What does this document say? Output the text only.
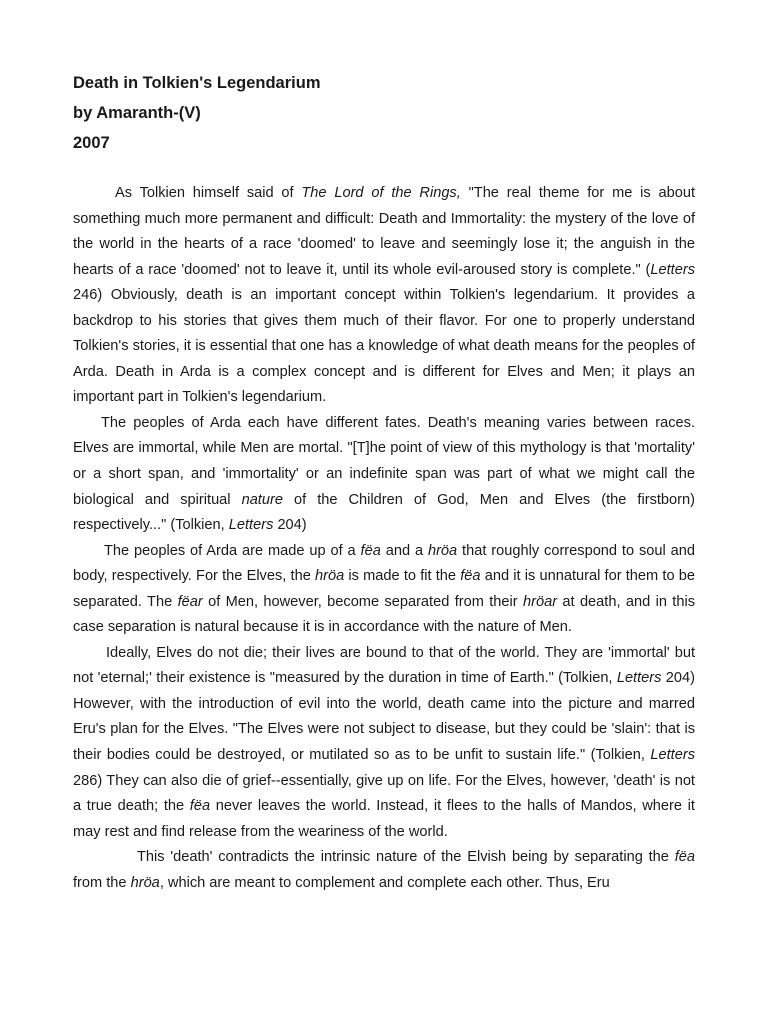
Death in Tolkien's Legendarium

by Amaranth-(V)

2007

As Tolkien himself said of The Lord of the Rings, "The real theme for me is about something much more permanent and difficult: Death and Immortality: the mystery of the love of the world in the hearts of a race 'doomed' to leave and seemingly lose it; the anguish in the hearts of a race 'doomed' not to leave it, until its whole evil-aroused story is complete." (Letters 246) Obviously, death is an important concept within Tolkien's legendarium. It provides a backdrop to his stories that gives them much of their flavor. For one to properly understand Tolkien's stories, it is essential that one has a knowledge of what death means for the peoples of Arda. Death in Arda is a complex concept and is different for Elves and Men; it plays an important part in Tolkien's legendarium.

The peoples of Arda each have different fates. Death's meaning varies between races. Elves are immortal, while Men are mortal. "[T]he point of view of this mythology is that 'mortality' or a short span, and 'immortality' or an indefinite span was part of what we might call the biological and spiritual nature of the Children of God, Men and Elves (the firstborn) respectively..." (Tolkien, Letters 204)

The peoples of Arda are made up of a fëa and a hröa that roughly correspond to soul and body, respectively. For the Elves, the hröa is made to fit the fëa and it is unnatural for them to be separated. The fëar of Men, however, become separated from their hröar at death, and in this case separation is natural because it is in accordance with the nature of Men.

Ideally, Elves do not die; their lives are bound to that of the world. They are 'immortal' but not 'eternal;' their existence is "measured by the duration in time of Earth." (Tolkien, Letters 204) However, with the introduction of evil into the world, death came into the picture and marred Eru's plan for the Elves. "The Elves were not subject to disease, but they could be 'slain': that is their bodies could be destroyed, or mutilated so as to be unfit to sustain life." (Tolkien, Letters 286) They can also die of grief--essentially, give up on life. For the Elves, however, 'death' is not a true death; the fëa never leaves the world. Instead, it flees to the halls of Mandos, where it may rest and find release from the weariness of the world.

This 'death' contradicts the intrinsic nature of the Elvish being by separating the fëa from the hröa, which are meant to complement and complete each other. Thus, Eru
